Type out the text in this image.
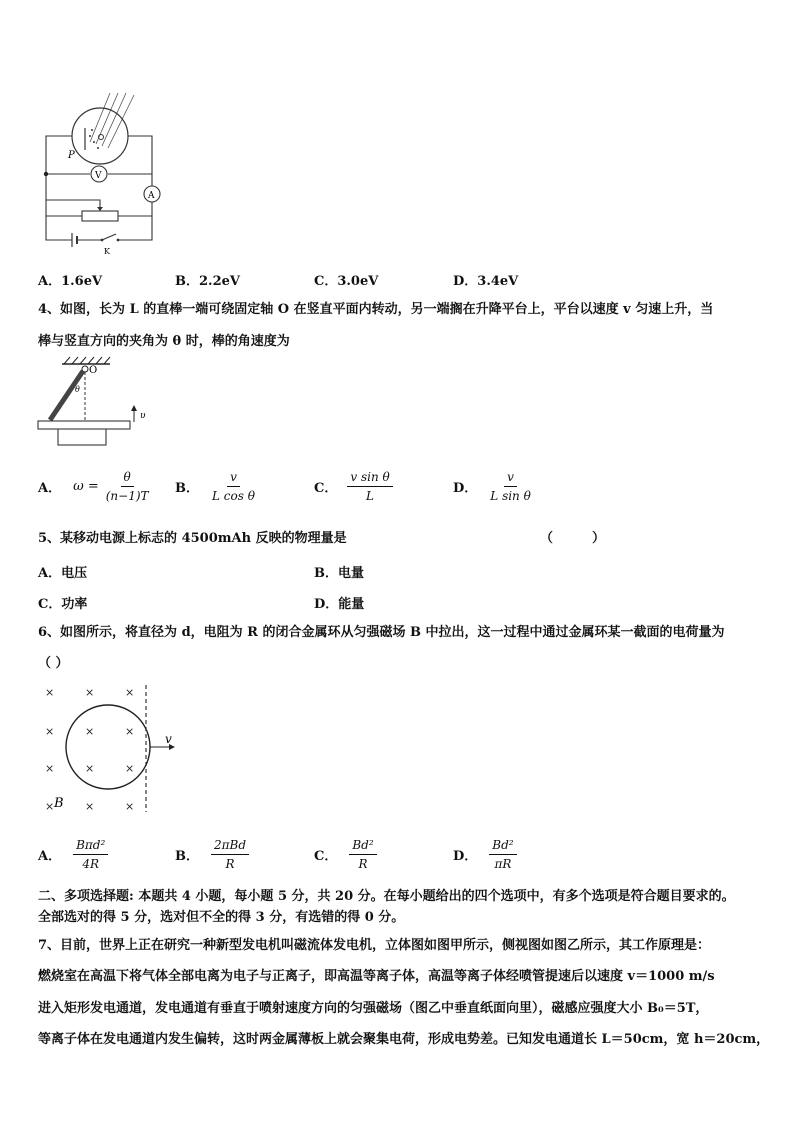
P
V
A
K
A．1.6eV	B．2.2eV	C．3.0eV	D．3.4eV
4、如图，长为 L 的直棒一端可绕固定轴 O 在竖直平面内转动，另一端搁在升降平台上，平台以速度 v 匀速上升，当
棒与竖直方向的夹角为 θ 时，棒的角速度为
O
θ
υ
A． $\omega = \frac{\theta}{(n-1)T}$ B． $\frac{v}{\text{L cos θ}}$	C． $\frac{\text{v sin θ}}{L}$	D． $\frac{v}{\text{L sin θ}}$
5、某移动电源上标志的 4500mAh 反映的物理量是	（　　　）
A．电压	B．电量
C．功率	D．能量
6、如图所示，将直径为 d，电阻为 R 的闭合金属环从匀强磁场 B 中拉出，这一过程中通过金属环某一截面的电荷量为
（ ）
×	×	×
×	×	×
×	×	×
×	×	×
B
v
A． $\frac{\text{Bπd²}}{4R}$	B． $\frac{\text{2πBd}}{R}$	C． $\frac{\text{Bd²}}{R}$	D． $\frac{\text{Bd²}}{\pi R}$
二、多项选择题: 本题共 4 小题，每小题 5 分，共 20 分。在每小题给出的四个选项中，有多个选项是符合题目要求的。
全部选对的得 5 分，选对但不全的得 3 分，有选错的得 0 分。
7、目前，世界上正在研究一种新型发电机叫磁流体发电机，立体图如图甲所示，侧视图如图乙所示，其工作原理是：
燃烧室在高温下将气体全部电离为电子与正离子，即高温等离子体，高温等离子体经喷管提速后以速度 v＝1000 m/s
进入矩形发电通道，发电通道有垂直于喷射速度方向的匀强磁场（图乙中垂直纸面向里），磁感应强度大小 B₀＝5T，
等离子体在发电通道内发生偏转，这时两金属薄板上就会聚集电荷，形成电势差。已知发电通道长 L＝50cm，宽 h＝20cm，
